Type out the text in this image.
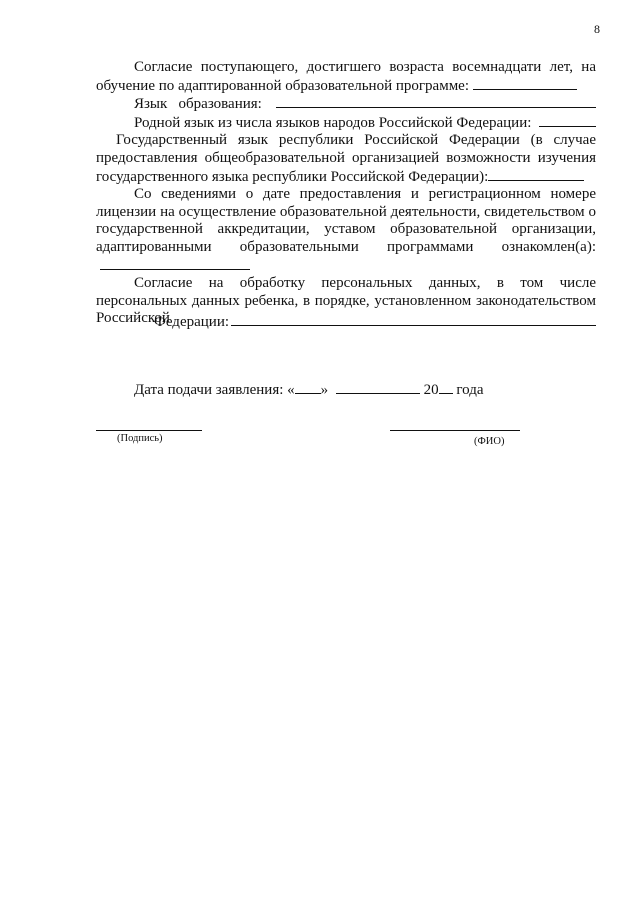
8

Согласие поступающего, достигшего возраста восемнадцати лет, на обучение по адаптированной образовательной программе:

Язык   образования:
Родной язык из числа языков народов Российской Федерации:

Государственный язык республики Российской Федерации (в случае предоставления общеобразовательной организацией возможности изучения государственного языка республики Российской Федерации):

Со сведениями о дате предоставления и регистрационном номере лицензии на осуществление образовательной деятельности, свидетельством о государственной аккредитации, уставом образовательной организации, адаптированными образовательными программами ознакомлен(а):

Согласие на обработку персональных данных, в том числе персональных данных ребенка, в порядке, установленном законодательством Российской

Федерации:
Дата подачи заявления: « »	20 года
(Подпись)	(ФИО)
